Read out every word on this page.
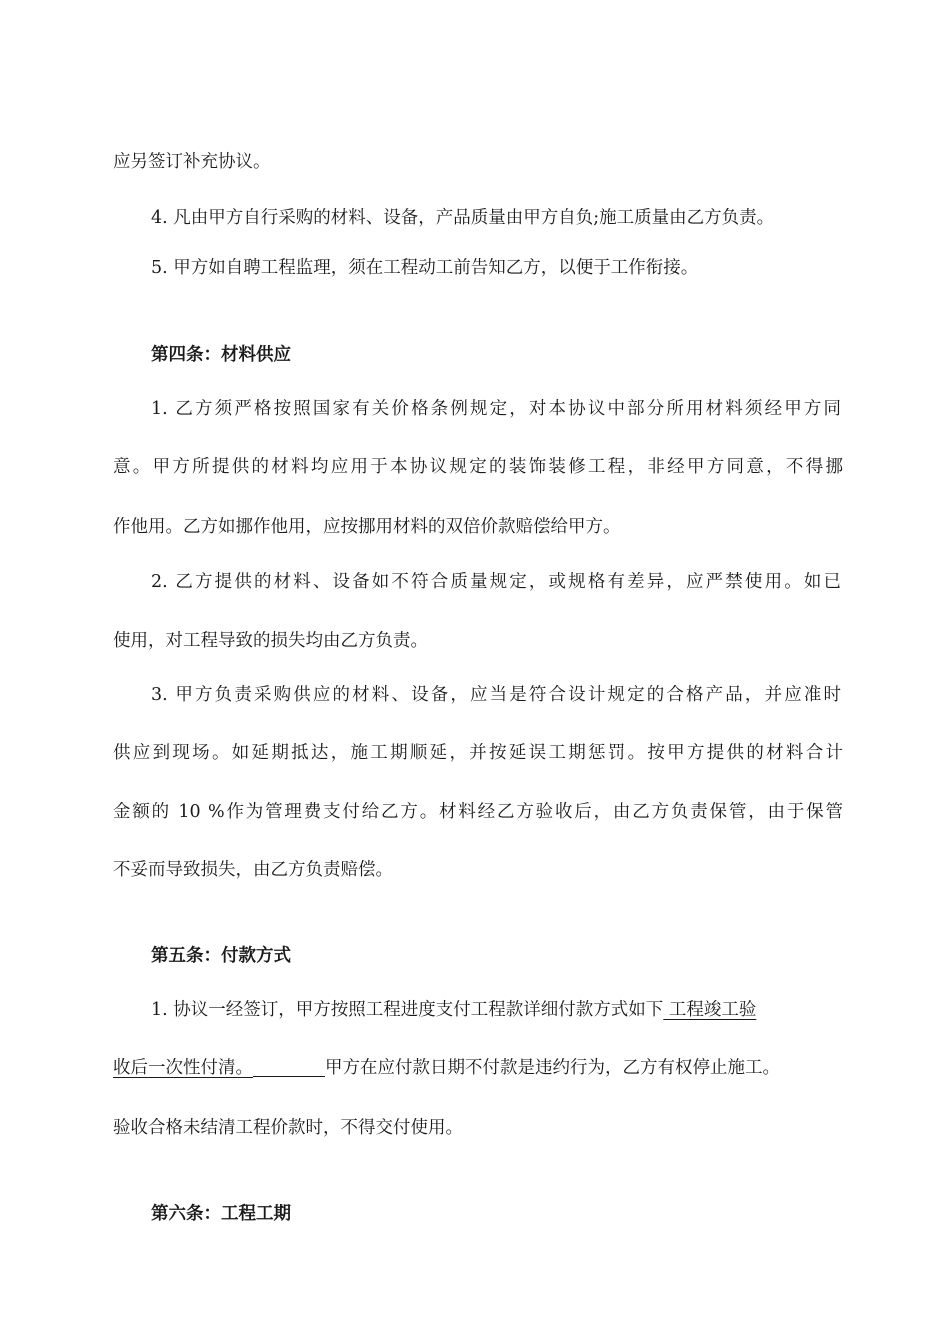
应另签订补充协议。
4. 凡由甲方自行采购的材料、设备，产品质量由甲方自负;施工质量由乙方负责。
5. 甲方如自聘工程监理，须在工程动工前告知乙方，以便于工作衔接。
第四条：材料供应
1. 乙方须严格按照国家有关价格条例规定，对本协议中部分所用材料须经甲方同
意。甲方所提供的材料均应用于本协议规定的装饰装修工程，非经甲方同意，不得挪
作他用。乙方如挪作他用，应按挪用材料的双倍价款赔偿给甲方。
2. 乙方提供的材料、设备如不符合质量规定，或规格有差异，应严禁使用。如已
使用，对工程导致的损失均由乙方负责。
3. 甲方负责采购供应的材料、设备，应当是符合设计规定的合格产品，并应准时
供应到现场。如延期抵达，施工期顺延，并按延误工期惩罚。按甲方提供的材料合计
金额的 10 %作为管理费支付给乙方。材料经乙方验收后，由乙方负责保管，由于保管
不妥而导致损失，由乙方负责赔偿。
第五条：付款方式
1. 协议一经签订，甲方按照工程进度支付工程款详细付款方式如下 工程竣工验
收后一次性付清。	甲方在应付款日期不付款是违约行为，乙方有权停止施工。
验收合格未结清工程价款时，不得交付使用。
第六条：工程工期
